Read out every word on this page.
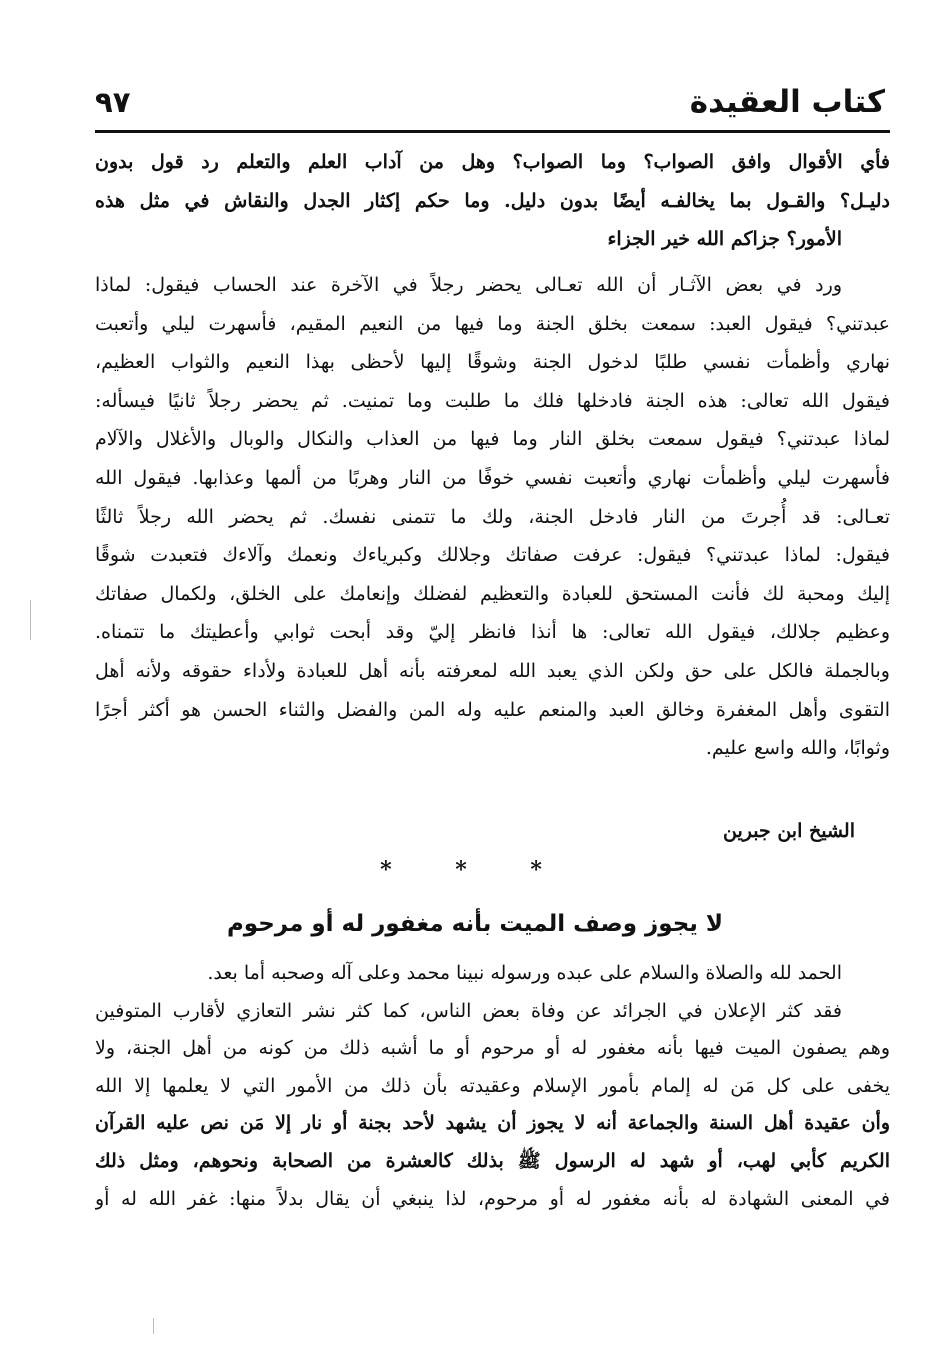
كتاب العقيدة
٩٧
فأي الأقوال وافق الصواب؟ وما الصواب؟ وهل من آداب العلم والتعلم رد قول بدون
دليـل؟ والقـول بما يخالفـه أيضًا بدون دليل. وما حكم إكثار الجدل والنقاش في مثل هذه
الأمور؟ جزاكم الله خير الجزاء
ورد في بعض الآثـار أن الله تعـالى يحضر رجلاً في الآخرة عند الحساب فيقول: لماذا
عبدتني؟ فيقول العبد: سمعت بخلق الجنة وما فيها من النعيم المقيم، فأسهرت ليلي وأتعبت
نهاري وأظمأت نفسي طلبًا لدخول الجنة وشوقًا إليها لأحظى بهذا النعيم والثواب العظيم،
فيقول الله تعالى: هذه الجنة فادخلها فلك ما طلبت وما تمنيت. ثم يحضر رجلاً ثانيًا فيسأله:
لماذا عبدتني؟ فيقول سمعت بخلق النار وما فيها من العذاب والنكال والوبال والأغلال والآلام
فأسهرت ليلي وأظمأت نهاري وأتعبت نفسي خوفًا من النار وهربًا من ألمها وعذابها. فيقول الله
تعـالى: قد أُجرتَ من النار فادخل الجنة، ولك ما تتمنى نفسك. ثم يحضر الله رجلاً ثالثًا
فيقول: لماذا عبدتني؟ فيقول: عرفت صفاتك وجلالك وكبرياءك ونعمك وآلاءك فتعبدت شوقًا
إليك ومحبة لك فأنت المستحق للعبادة والتعظيم لفضلك وإنعامك على الخلق، ولكمال صفاتك
وعظيم جلالك، فيقول الله تعالى: ها أنذا فانظر إليّ وقد أبحت ثوابي وأعطيتك ما تتمناه.
وبالجملة فالكل على حق ولكن الذي يعبد الله لمعرفته بأنه أهل للعبادة ولأداء حقوقه ولأنه أهل
التقوى وأهل المغفرة وخالق العبد والمنعم عليه وله المن والفضل والثناء الحسن هو أكثر أجرًا
وثوابًا، والله واسع عليم.
الشيخ ابن جبرين
* * *
لا يجوز وصف الميت بأنه مغفور له أو مرحوم
الحمد لله والصلاة والسلام على عبده ورسوله نبينا محمد وعلى آله وصحبه أما بعد.
فقد كثر الإعلان في الجرائد عن وفاة بعض الناس، كما كثر نشر التعازي لأقارب المتوفين
وهم يصفون الميت فيها بأنه مغفور له أو مرحوم أو ما أشبه ذلك من كونه من أهل الجنة، ولا
يخفى على كل مَن له إلمام بأمور الإسلام وعقيدته بأن ذلك من الأمور التي لا يعلمها إلا الله
وأن عقيدة أهل السنة والجماعة أنه لا يجوز أن يشهد لأحد بجنة أو نار إلا مَن نص عليه القرآن
الكريم كأبي لهب، أو شهد له الرسول ﷺ بذلك كالعشرة من الصحابة ونحوهم، ومثل ذلك
في المعنى الشهادة له بأنه مغفور له أو مرحوم، لذا ينبغي أن يقال بدلاً منها: غفر الله له أو
